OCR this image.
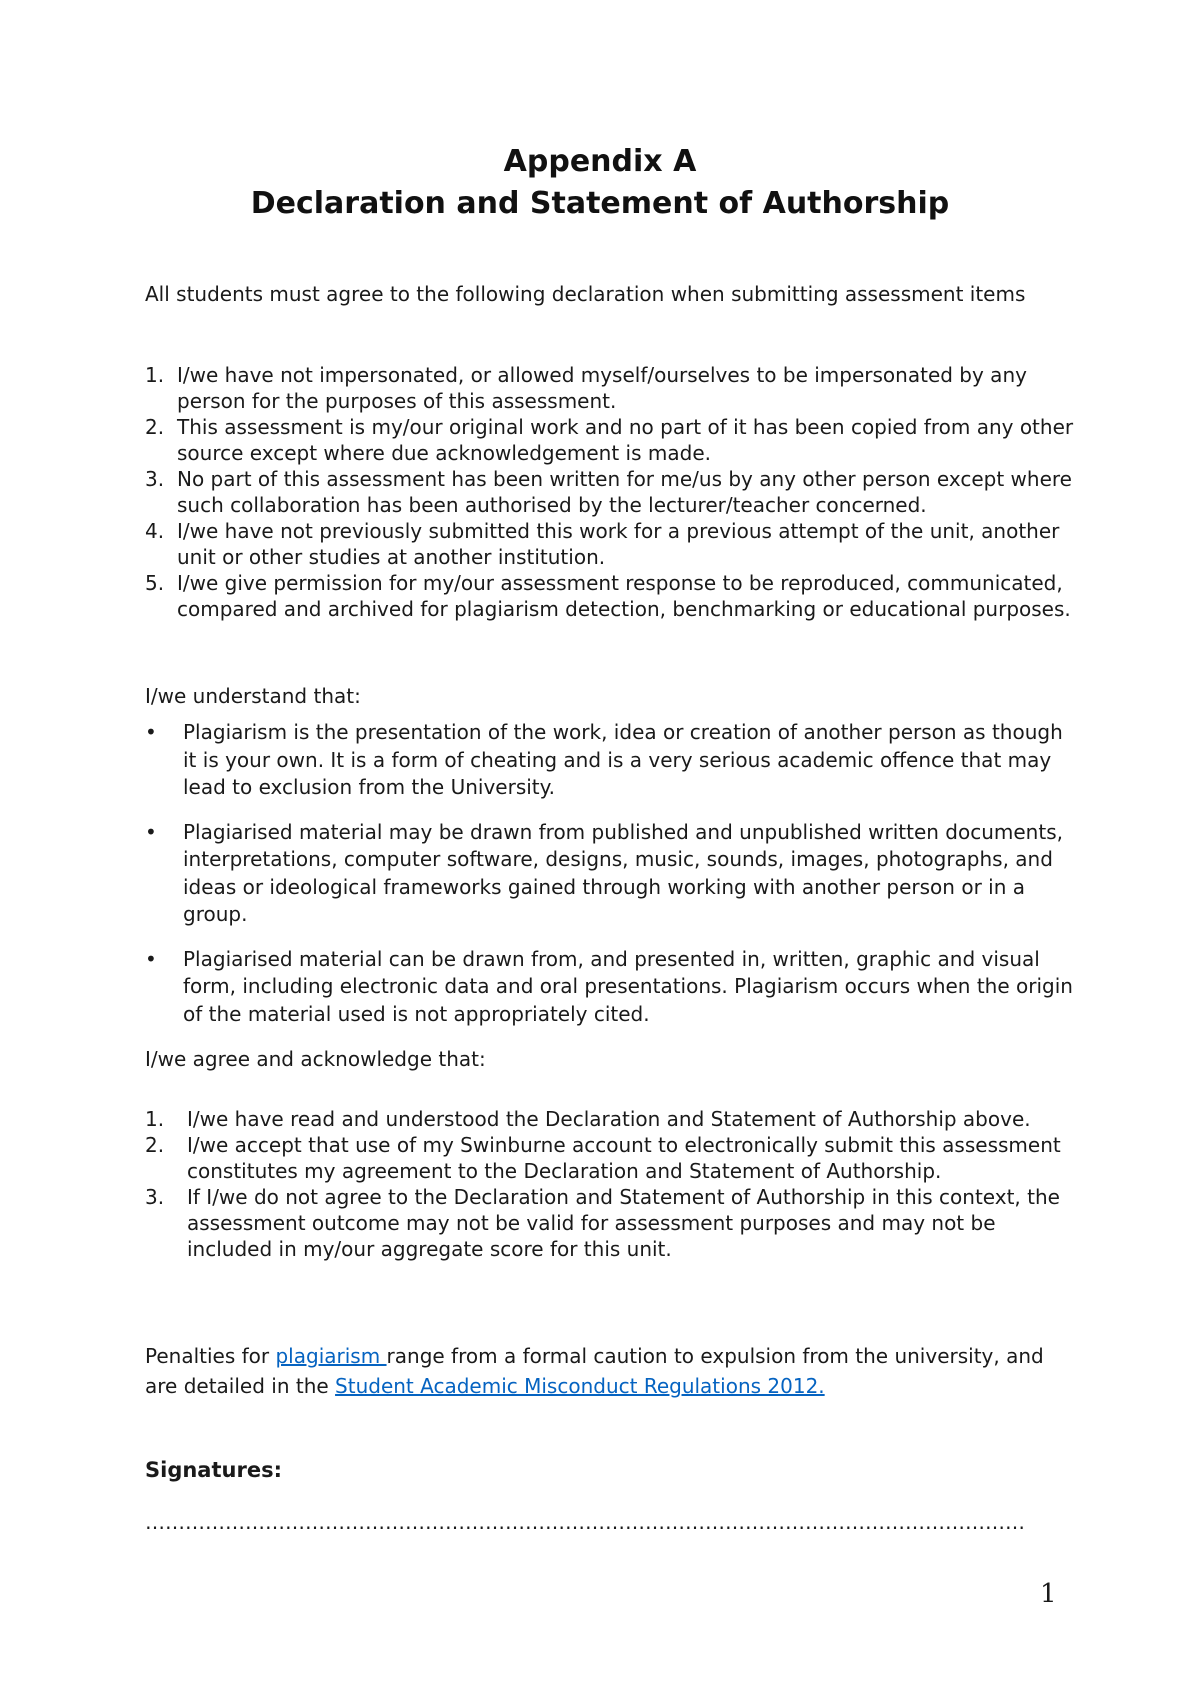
Appendix A
Declaration and Statement of Authorship

All students must agree to the following declaration when submitting assessment items

1. I/we have not impersonated, or allowed myself/ourselves to be impersonated by any person for the purposes of this assessment.
2. This assessment is my/our original work and no part of it has been copied from any other source except where due acknowledgement is made.
3. No part of this assessment has been written for me/us by any other person except where such collaboration has been authorised by the lecturer/teacher concerned.
4. I/we have not previously submitted this work for a previous attempt of the unit, another unit or other studies at another institution.
5. I/we give permission for my/our assessment response to be reproduced, communicated, compared and archived for plagiarism detection, benchmarking or educational purposes.

I/we understand that:

• Plagiarism is the presentation of the work, idea or creation of another person as though it is your own. It is a form of cheating and is a very serious academic offence that may lead to exclusion from the University.
• Plagiarised material may be drawn from published and unpublished written documents, interpretations, computer software, designs, music, sounds, images, photographs, and ideas or ideological frameworks gained through working with another person or in a group.
• Plagiarised material can be drawn from, and presented in, written, graphic and visual form, including electronic data and oral presentations. Plagiarism occurs when the origin of the material used is not appropriately cited.

I/we agree and acknowledge that:

1. I/we have read and understood the Declaration and Statement of Authorship above.
2. I/we accept that use of my Swinburne account to electronically submit this assessment constitutes my agreement to the Declaration and Statement of Authorship.
3. If I/we do not agree to the Declaration and Statement of Authorship in this context, the assessment outcome may not be valid for assessment purposes and may not be included in my/our aggregate score for this unit.

Penalties for plagiarism range from a formal caution to expulsion from the university, and are detailed in the Student Academic Misconduct Regulations 2012.

Signatures:
……………………………………………………………………………………………………………………
1
